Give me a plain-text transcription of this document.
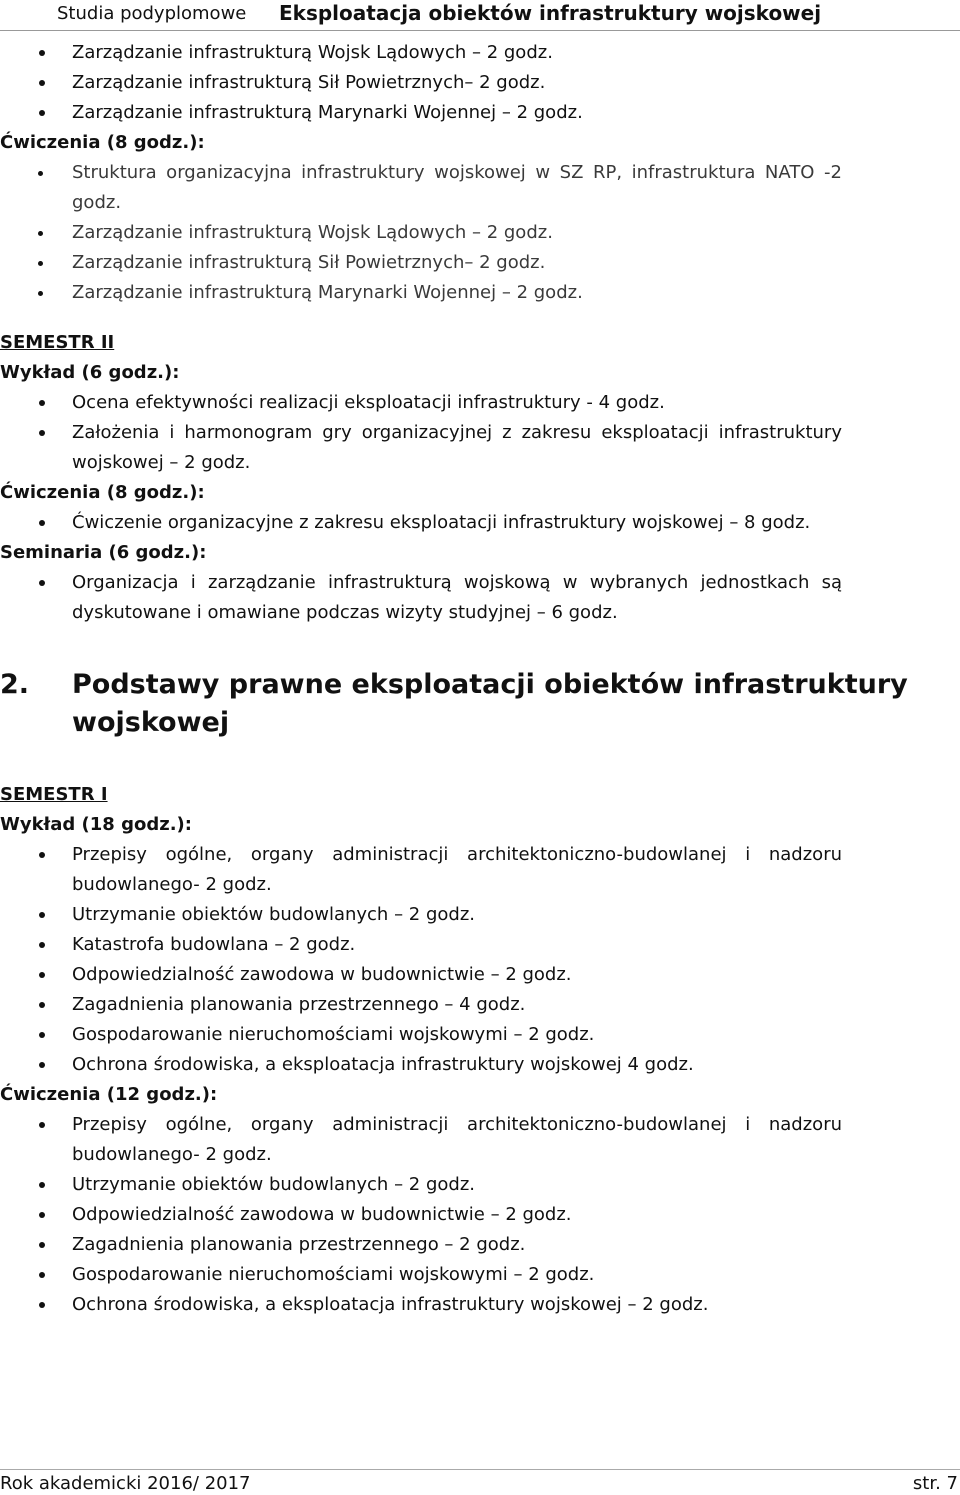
Studia podyplomowe Eksploatacja obiektów infrastruktury wojskowej
Zarządzanie infrastrukturą Wojsk Lądowych – 2 godz.
Zarządzanie infrastrukturą Sił Powietrznych– 2 godz.
Zarządzanie infrastrukturą Marynarki Wojennej – 2 godz.
Ćwiczenia (8 godz.):
Struktura organizacyjna infrastruktury wojskowej w SZ RP, infrastruktura NATO -2 godz.
Zarządzanie infrastrukturą Wojsk Lądowych – 2 godz.
Zarządzanie infrastrukturą Sił Powietrznych– 2 godz.
Zarządzanie infrastrukturą Marynarki Wojennej – 2 godz.
SEMESTR II
Wykład (6 godz.):
Ocena efektywności realizacji eksploatacji infrastruktury - 4 godz.
Założenia i harmonogram gry organizacyjnej z zakresu eksploatacji infrastruktury wojskowej – 2 godz.
Ćwiczenia (8 godz.):
Ćwiczenie organizacyjne z zakresu eksploatacji infrastruktury wojskowej – 8 godz.
Seminaria (6 godz.):
Organizacja i zarządzanie infrastrukturą wojskową w wybranych jednostkach są dyskutowane i omawiane podczas wizyty studyjnej – 6 godz.
2. Podstawy prawne eksploatacji obiektów infrastruktury
wojskowej
SEMESTR I
Wykład (18 godz.):
Przepisy ogólne, organy administracji architektoniczno-budowlanej i nadzoru budowlanego- 2 godz.
Utrzymanie obiektów budowlanych – 2 godz.
Katastrofa budowlana – 2 godz.
Odpowiedzialność zawodowa w budownictwie – 2 godz.
Zagadnienia planowania przestrzennego – 4 godz.
Gospodarowanie nieruchomościami wojskowymi – 2 godz.
Ochrona środowiska, a eksploatacja infrastruktury wojskowej 4 godz.
Ćwiczenia (12 godz.):
Przepisy ogólne, organy administracji architektoniczno-budowlanej i nadzoru budowlanego- 2 godz.
Utrzymanie obiektów budowlanych – 2 godz.
Odpowiedzialność zawodowa w budownictwie – 2 godz.
Zagadnienia planowania przestrzennego – 2 godz.
Gospodarowanie nieruchomościami wojskowymi – 2 godz.
Ochrona środowiska, a eksploatacja infrastruktury wojskowej – 2 godz.
Rok akademicki 2016/ 2017	str. 7
